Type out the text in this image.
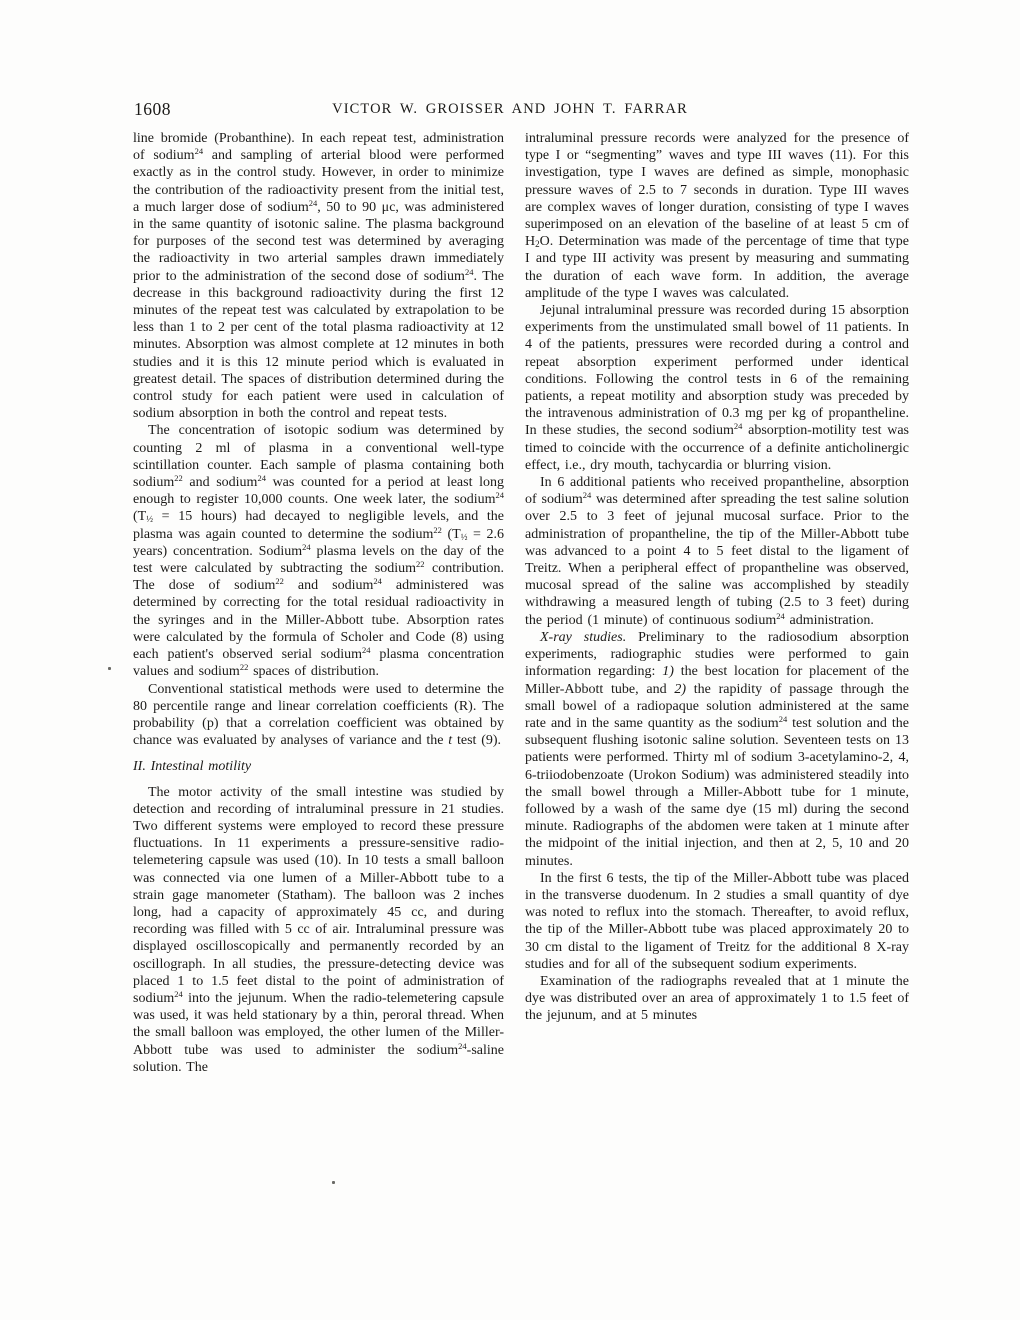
1608	VICTOR W. GROISSER AND JOHN T. FARRAR

line bromide (Probanthine). In each repeat test, administration of sodium$^{24}$ and sampling of arterial blood were performed exactly as in the control study. However, in order to minimize the contribution of the radioactivity present from the initial test, a much larger dose of sodium$^{24}$, 50 to 90 μc, was administered in the same quantity of isotonic saline. The plasma background for purposes of the second test was determined by averaging the radioactivity in two arterial samples drawn immediately prior to the administration of the second dose of sodium$^{24}$. The decrease in this background radioactivity during the first 12 minutes of the repeat test was calculated by extrapolation to be less than 1 to 2 per cent of the total plasma radioactivity at 12 minutes. Absorption was almost complete at 12 minutes in both studies and it is this 12 minute period which is evaluated in greatest detail. The spaces of distribution determined during the control study for each patient were used in calculation of sodium absorption in both the control and repeat tests.

The concentration of isotopic sodium was determined by counting 2 ml of plasma in a conventional well-type scintillation counter. Each sample of plasma containing both sodium$^{22}$ and sodium$^{24}$ was counted for a period at least long enough to register 10,000 counts. One week later, the sodium$^{24}$ ($T_{\frac{1}{2}} = 15$ hours) had decayed to negligible levels, and the plasma was again counted to determine the sodium$^{22}$ ($T_{\frac{1}{2}} = 2.6$ years) concentration. Sodium$^{24}$ plasma levels on the day of the test were calculated by subtracting the sodium$^{22}$ contribution. The dose of sodium$^{22}$ and sodium$^{24}$ administered was determined by correcting for the total residual radioactivity in the syringes and in the Miller-Abbott tube. Absorption rates were calculated by the formula of Scholer and Code (8) using each patient's observed serial sodium$^{24}$ plasma concentration values and sodium$^{22}$ spaces of distribution.

Conventional statistical methods were used to determine the 80 percentile range and linear correlation coefficients (R). The probability (p) that a correlation coefficient was obtained by chance was evaluated by analyses of variance and the t test (9).

II. Intestinal motility

The motor activity of the small intestine was studied by detection and recording of intraluminal pressure in 21 studies. Two different systems were employed to record these pressure fluctuations. In 11 experiments a pressure-sensitive radio-telemetering capsule was used (10). In 10 tests a small balloon was connected via one lumen of a Miller-Abbott tube to a strain gage manometer (Statham). The balloon was 2 inches long, had a capacity of approximately 45 cc, and during recording was filled with 5 cc of air. Intraluminal pressure was displayed oscilloscopically and permanently recorded by an oscillograph. In all studies, the pressure-detecting device was placed 1 to 1.5 feet distal to the point of administration of sodium$^{24}$ into the jejunum. When the radio-telemetering capsule was used, it was held stationary by a thin, peroral thread. When the small balloon was employed, the other lumen of the Miller-Abbott tube was used to administer the sodium$^{24}$-saline solution. The

intraluminal pressure records were analyzed for the presence of type I or “segmenting” waves and type III waves (11). For this investigation, type I waves are defined as simple, monophasic pressure waves of 2.5 to 7 seconds in duration. Type III waves are complex waves of longer duration, consisting of type I waves superimposed on an elevation of the baseline of at least 5 cm of $H_2O$. Determination was made of the percentage of time that type I and type III activity was present by measuring and summating the duration of each wave form. In addition, the average amplitude of the type I waves was calculated.

Jejunal intraluminal pressure was recorded during 15 absorption experiments from the unstimulated small bowel of 11 patients. In 4 of the patients, pressures were recorded during a control and repeat absorption experiment performed under identical conditions. Following the control tests in 6 of the remaining patients, a repeat motility and absorption study was preceded by the intravenous administration of 0.3 mg per kg of propantheline. In these studies, the second sodium$^{24}$ absorption-motility test was timed to coincide with the occurrence of a definite anticholinergic effect, i.e., dry mouth, tachycardia or blurring vision.

In 6 additional patients who received propantheline, absorption of sodium$^{24}$ was determined after spreading the test saline solution over 2.5 to 3 feet of jejunal mucosal surface. Prior to the administration of propantheline, the tip of the Miller-Abbott tube was advanced to a point 4 to 5 feet distal to the ligament of Treitz. When a peripheral effect of propantheline was observed, mucosal spread of the saline was accomplished by steadily withdrawing a measured length of tubing (2.5 to 3 feet) during the period (1 minute) of continuous sodium$^{24}$ administration.

X-ray studies. Preliminary to the radiosodium absorption experiments, radiographic studies were performed to gain information regarding: 1) the best location for placement of the Miller-Abbott tube, and 2) the rapidity of passage through the small bowel of a radiopaque solution administered at the same rate and in the same quantity as the sodium$^{24}$ test solution and the subsequent flushing isotonic saline solution. Seventeen tests on 13 patients were performed. Thirty ml of sodium 3-acetylamino-2, 4, 6-triiodobenzoate (Urokon Sodium) was administered steadily into the small bowel through a Miller-Abbott tube for 1 minute, followed by a wash of the same dye (15 ml) during the second minute. Radiographs of the abdomen were taken at 1 minute after the midpoint of the initial injection, and then at 2, 5, 10 and 20 minutes.

In the first 6 tests, the tip of the Miller-Abbott tube was placed in the transverse duodenum. In 2 studies a small quantity of dye was noted to reflux into the stomach. Thereafter, to avoid reflux, the tip of the Miller-Abbott tube was placed approximately 20 to 30 cm distal to the ligament of Treitz for the additional 8 X-ray studies and for all of the subsequent sodium experiments.

Examination of the radiographs revealed that at 1 minute the dye was distributed over an area of approximately 1 to 1.5 feet of the jejunum, and at 5 minutes
